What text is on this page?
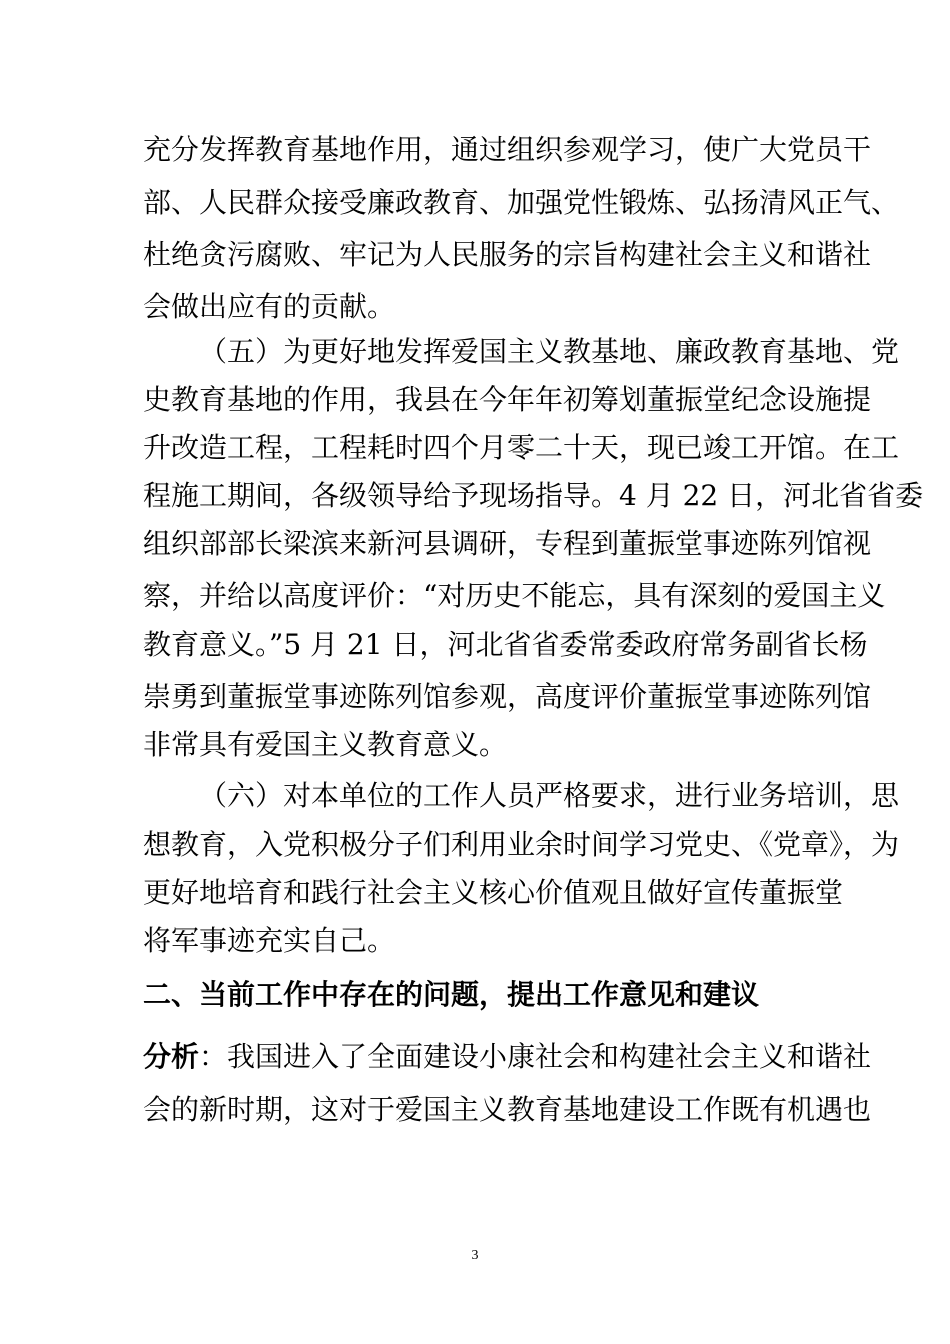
充分发挥教育基地作用，通过组织参观学习，使广大党员干
部、人民群众接受廉政教育、加强党性锻炼、弘扬清风正气、
杜绝贪污腐败、牢记为人民服务的宗旨构建社会主义和谐社
会做出应有的贡献。
（五）为更好地发挥爱国主义教基地、廉政教育基地、党
史教育基地的作用，我县在今年年初筹划董振堂纪念设施提
升改造工程，工程耗时四个月零二十天，现已竣工开馆。在工
程施工期间，各级领导给予现场指导。4 月 22 日，河北省省委
组织部部长梁滨来新河县调研，专程到董振堂事迹陈列馆视
察，并给以高度评价：“对历史不能忘，具有深刻的爱国主义
教育意义。”5 月 21 日，河北省省委常委政府常务副省长杨
崇勇到董振堂事迹陈列馆参观，高度评价董振堂事迹陈列馆
非常具有爱国主义教育意义。
（六）对本单位的工作人员严格要求，进行业务培训，思
想教育，入党积极分子们利用业余时间学习党史、《党章》，为
更好地培育和践行社会主义核心价值观且做好宣传董振堂
将军事迹充实自己。
二、当前工作中存在的问题，提出工作意见和建议
分析：我国进入了全面建设小康社会和构建社会主义和谐社
会的新时期，这对于爱国主义教育基地建设工作既有机遇也
3
